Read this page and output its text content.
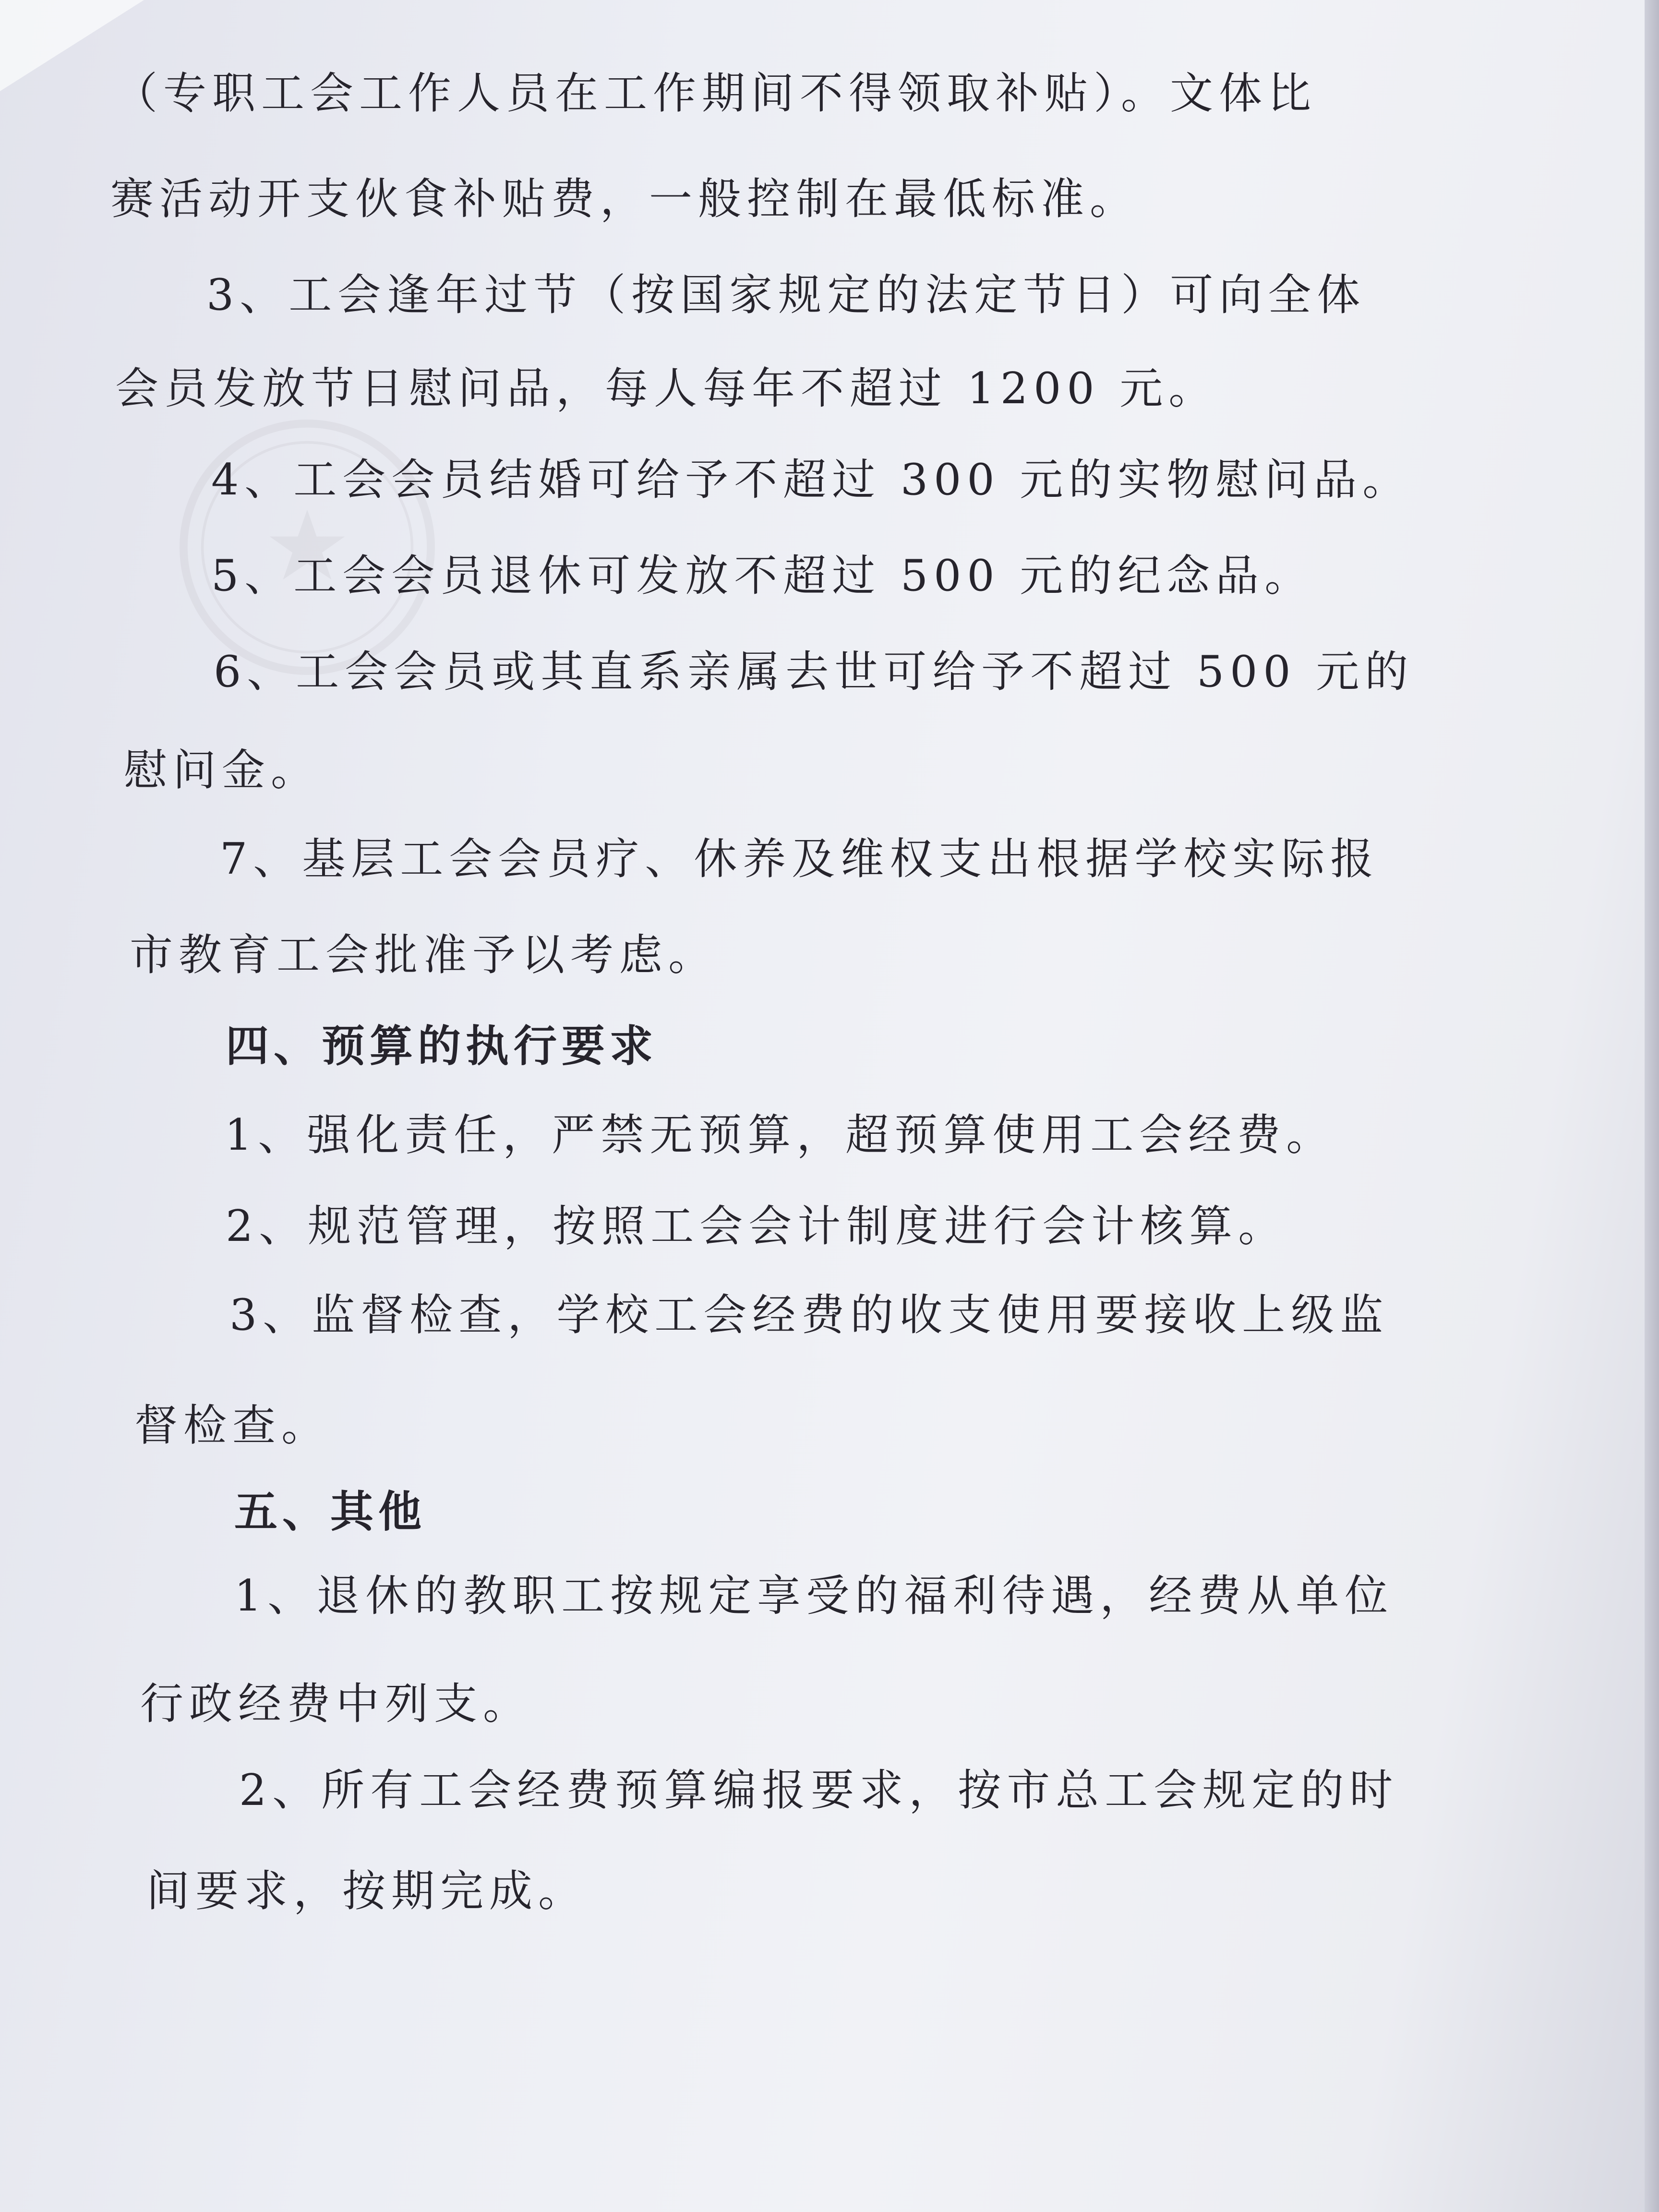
（专职工会工作人员在工作期间不得领取补贴）。文体比
赛活动开支伙食补贴费，一般控制在最低标准。
3、工会逢年过节（按国家规定的法定节日）可向全体
会员发放节日慰问品，每人每年不超过 1200 元。
4、工会会员结婚可给予不超过 300 元的实物慰问品。
5、工会会员退休可发放不超过 500 元的纪念品。
6、工会会员或其直系亲属去世可给予不超过 500 元的
慰问金。
7、基层工会会员疗、休养及维权支出根据学校实际报
市教育工会批准予以考虑。
四、预算的执行要求
1、强化责任，严禁无预算，超预算使用工会经费。
2、规范管理，按照工会会计制度进行会计核算。
3、监督检查，学校工会经费的收支使用要接收上级监
督检查。
五、其他
1、退休的教职工按规定享受的福利待遇，经费从单位
行政经费中列支。
2、所有工会经费预算编报要求，按市总工会规定的时
间要求，按期完成。
